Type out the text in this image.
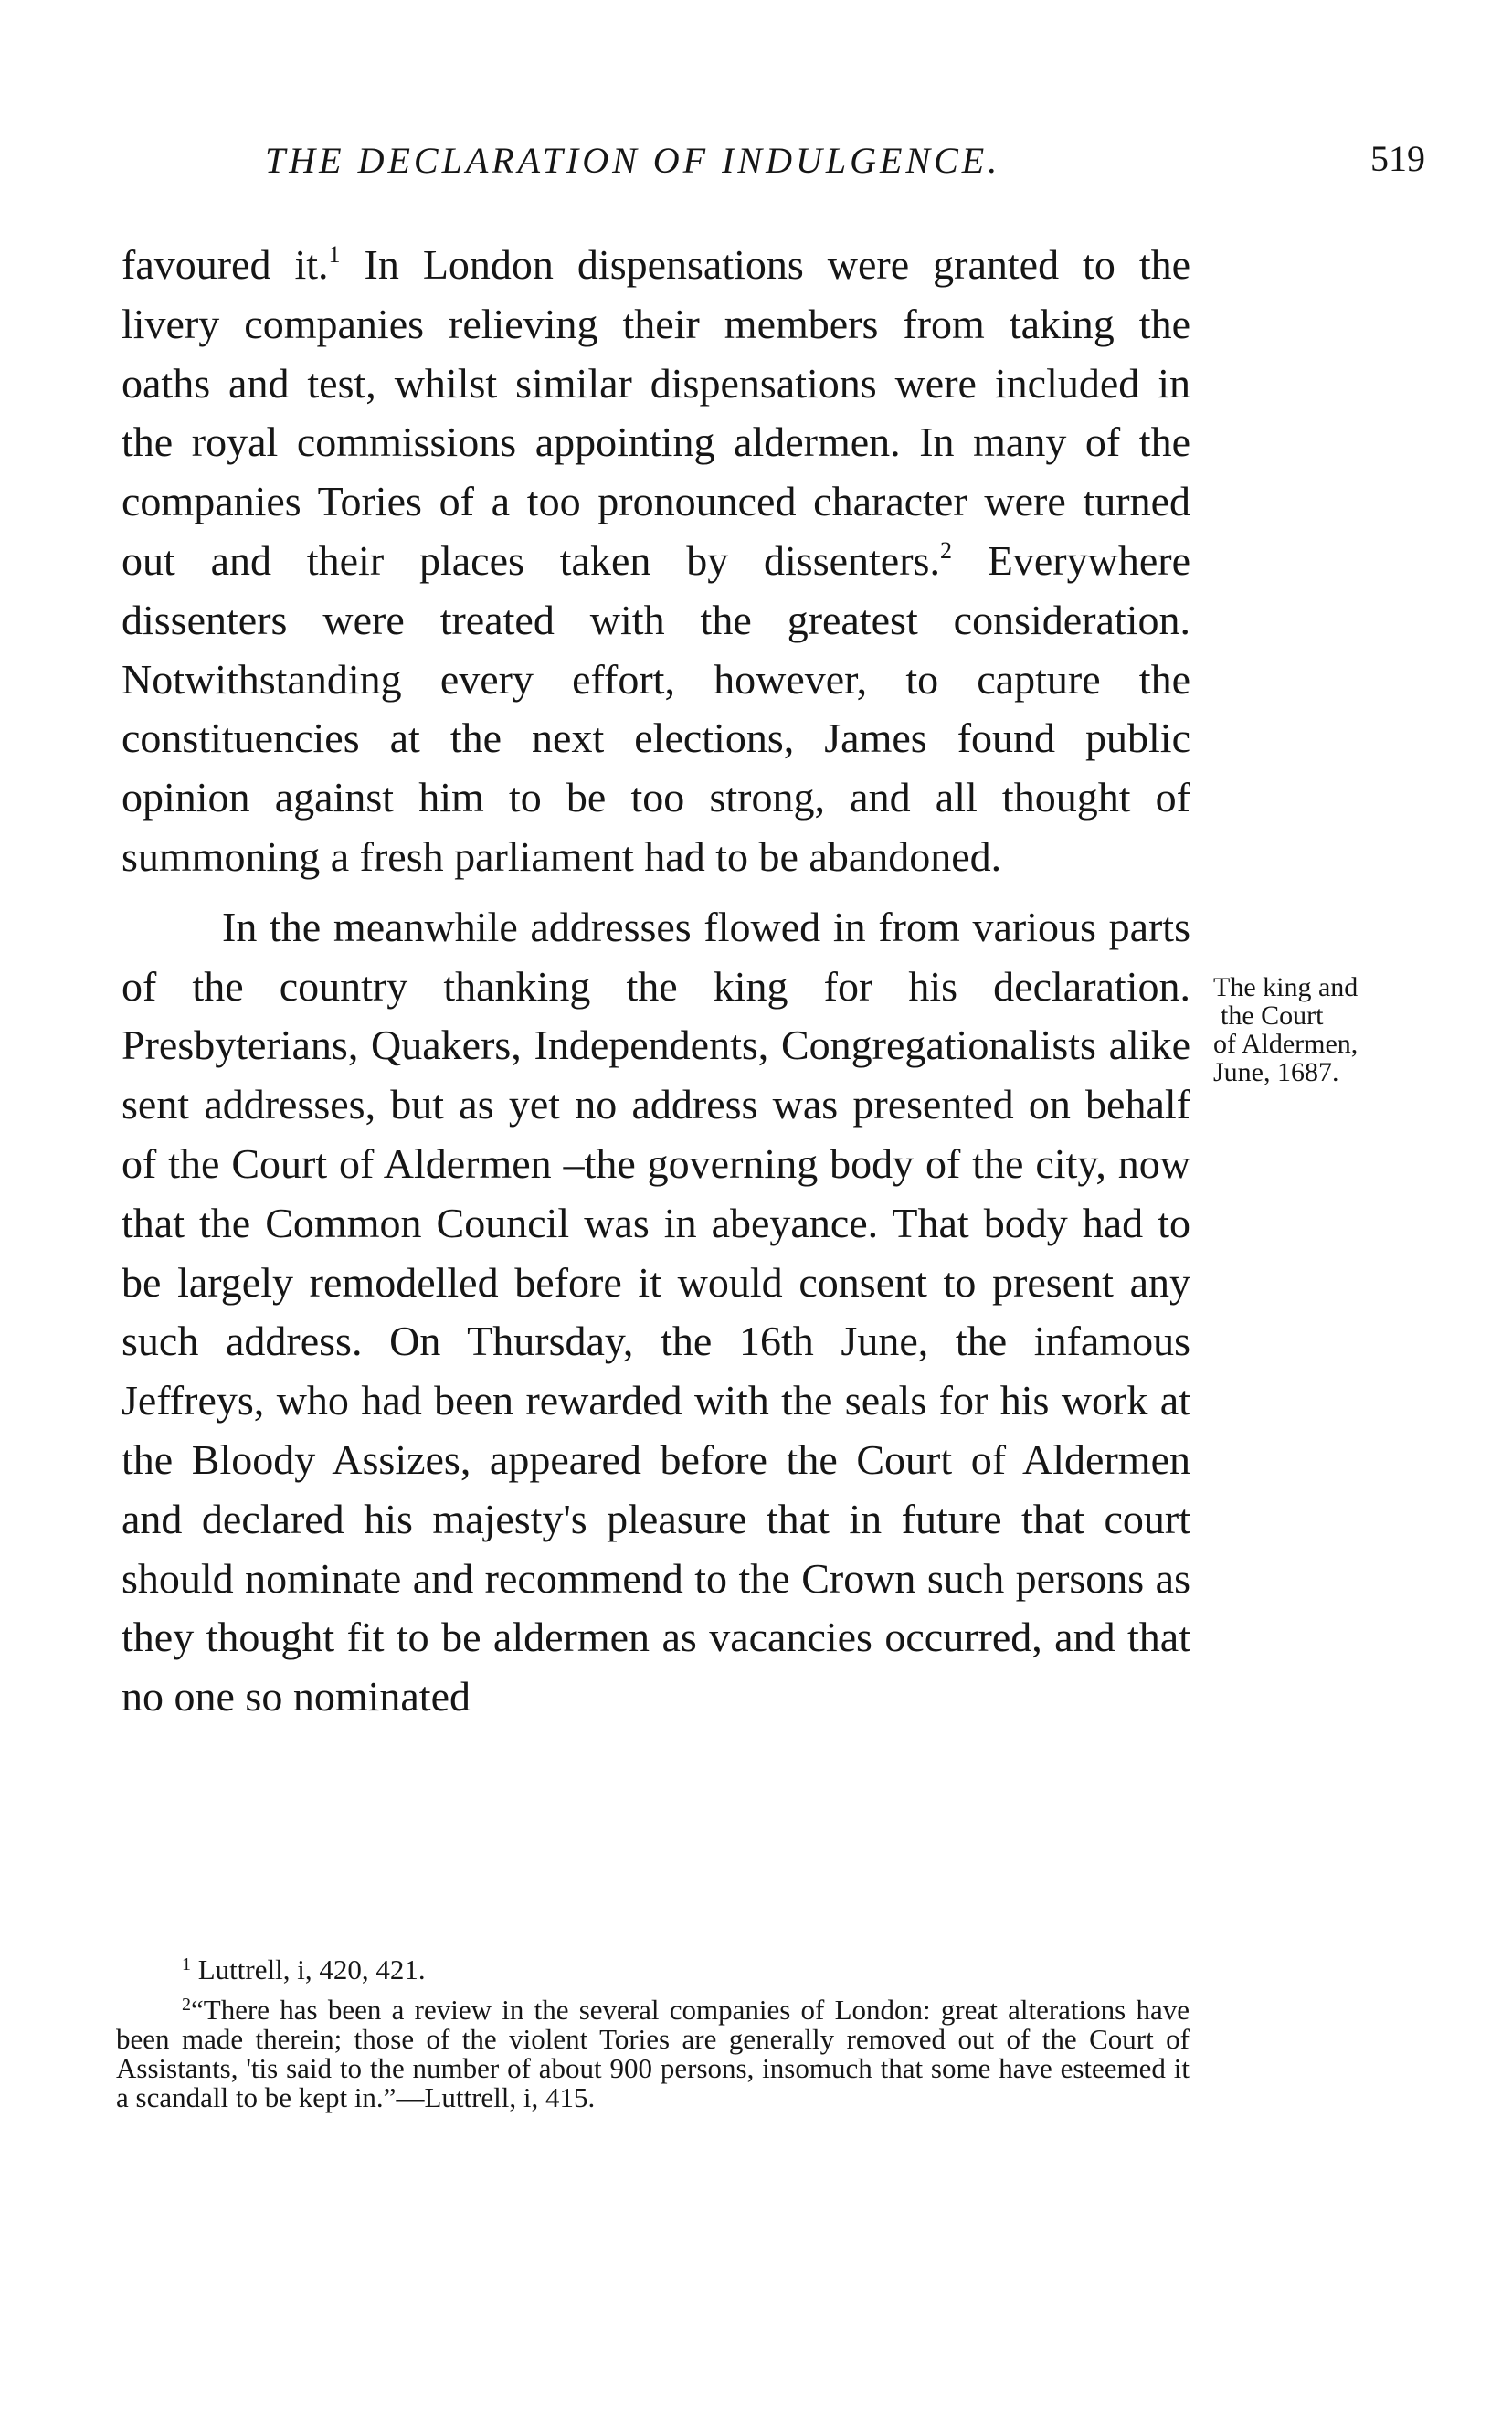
THE DECLARATION OF INDULGENCE.	519

favoured it.$^1$ In London dispensations were granted to the livery companies relieving their members from taking the oaths and test, whilst similar dispensations were included in the royal commissions appointing aldermen. In many of the companies Tories of a too pronounced character were turned out and their places taken by dissenters.$^2$ Everywhere dissenters were treated with the greatest consideration. Notwithstanding every effort, however, to capture the constituencies at the next elections, James found public opinion against him to be too strong, and all thought of summoning a fresh parliament had to be abandoned.

In the meanwhile addresses flowed in from various parts of the country thanking the king for his declaration. Presbyterians, Quakers, Independents, Congregationalists alike sent addresses, but as yet no address was presented on behalf of the Court of Aldermen –the governing body of the city, now that the Common Council was in abeyance. That body had to be largely remodelled before it would consent to present any such address. On Thursday, the 16th June, the infamous Jeffreys, who had been rewarded with the seals for his work at the Bloody Assizes, appeared before the Court of Aldermen and declared his majesty's pleasure that in future that court should nominate and recommend to the Crown such persons as they thought fit to be aldermen as vacancies occurred, and that no one so nominated

The king and
the Court
of Aldermen,
June, 1687.

$^1$ Luttrell, i, 420, 421.

$^2$“There has been a review in the several companies of London: great alterations have been made therein; those of the violent Tories are generally removed out of the Court of Assistants, 'tis said to the number of about 900 persons, insomuch that some have esteemed it a scandall to be kept in.”—Luttrell, i, 415.
